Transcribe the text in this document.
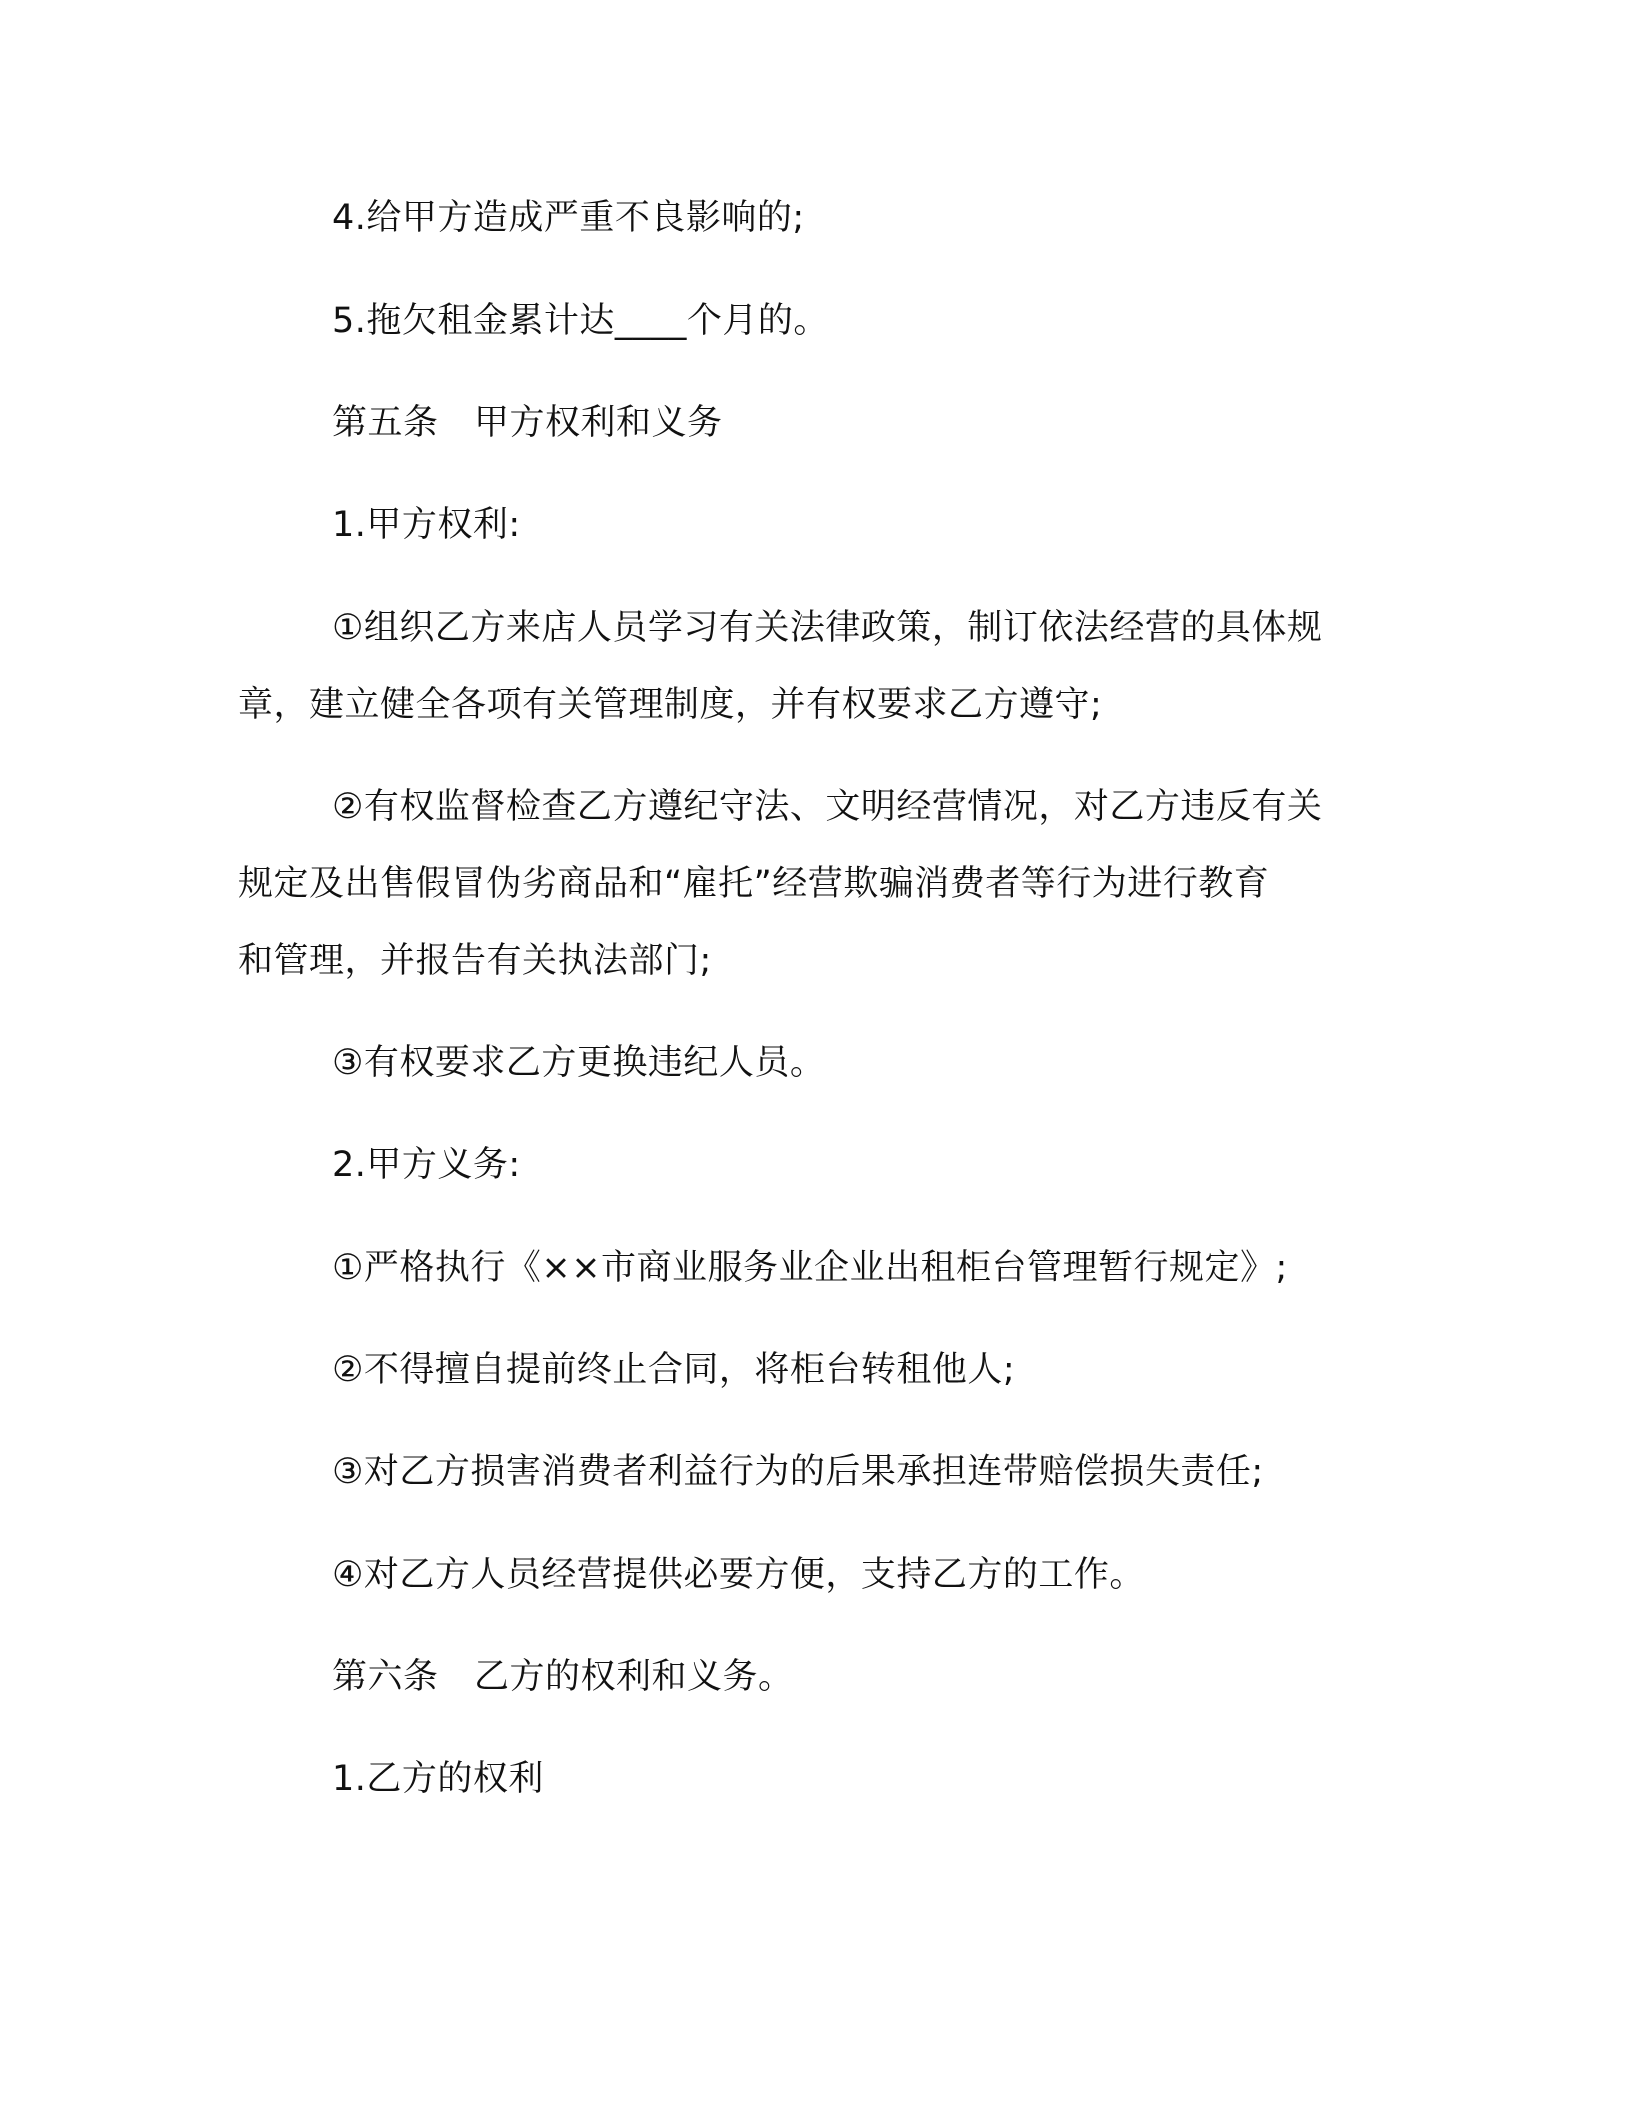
4.给甲方造成严重不良影响的;
5.拖欠租金累计达____个月的。
第五条　甲方权利和义务
1.甲方权利:
①组织乙方来店人员学习有关法律政策，制订依法经营的具体规
章，建立健全各项有关管理制度，并有权要求乙方遵守;
②有权监督检查乙方遵纪守法、文明经营情况，对乙方违反有关
规定及出售假冒伪劣商品和“雇托”经营欺骗消费者等行为进行教育
和管理，并报告有关执法部门;
③有权要求乙方更换违纪人员。
2.甲方义务:
①严格执行《××市商业服务业企业出租柜台管理暂行规定》;
②不得擅自提前终止合同，将柜台转租他人;
③对乙方损害消费者利益行为的后果承担连带赔偿损失责任;
④对乙方人员经营提供必要方便，支持乙方的工作。
第六条　乙方的权利和义务。
1.乙方的权利
